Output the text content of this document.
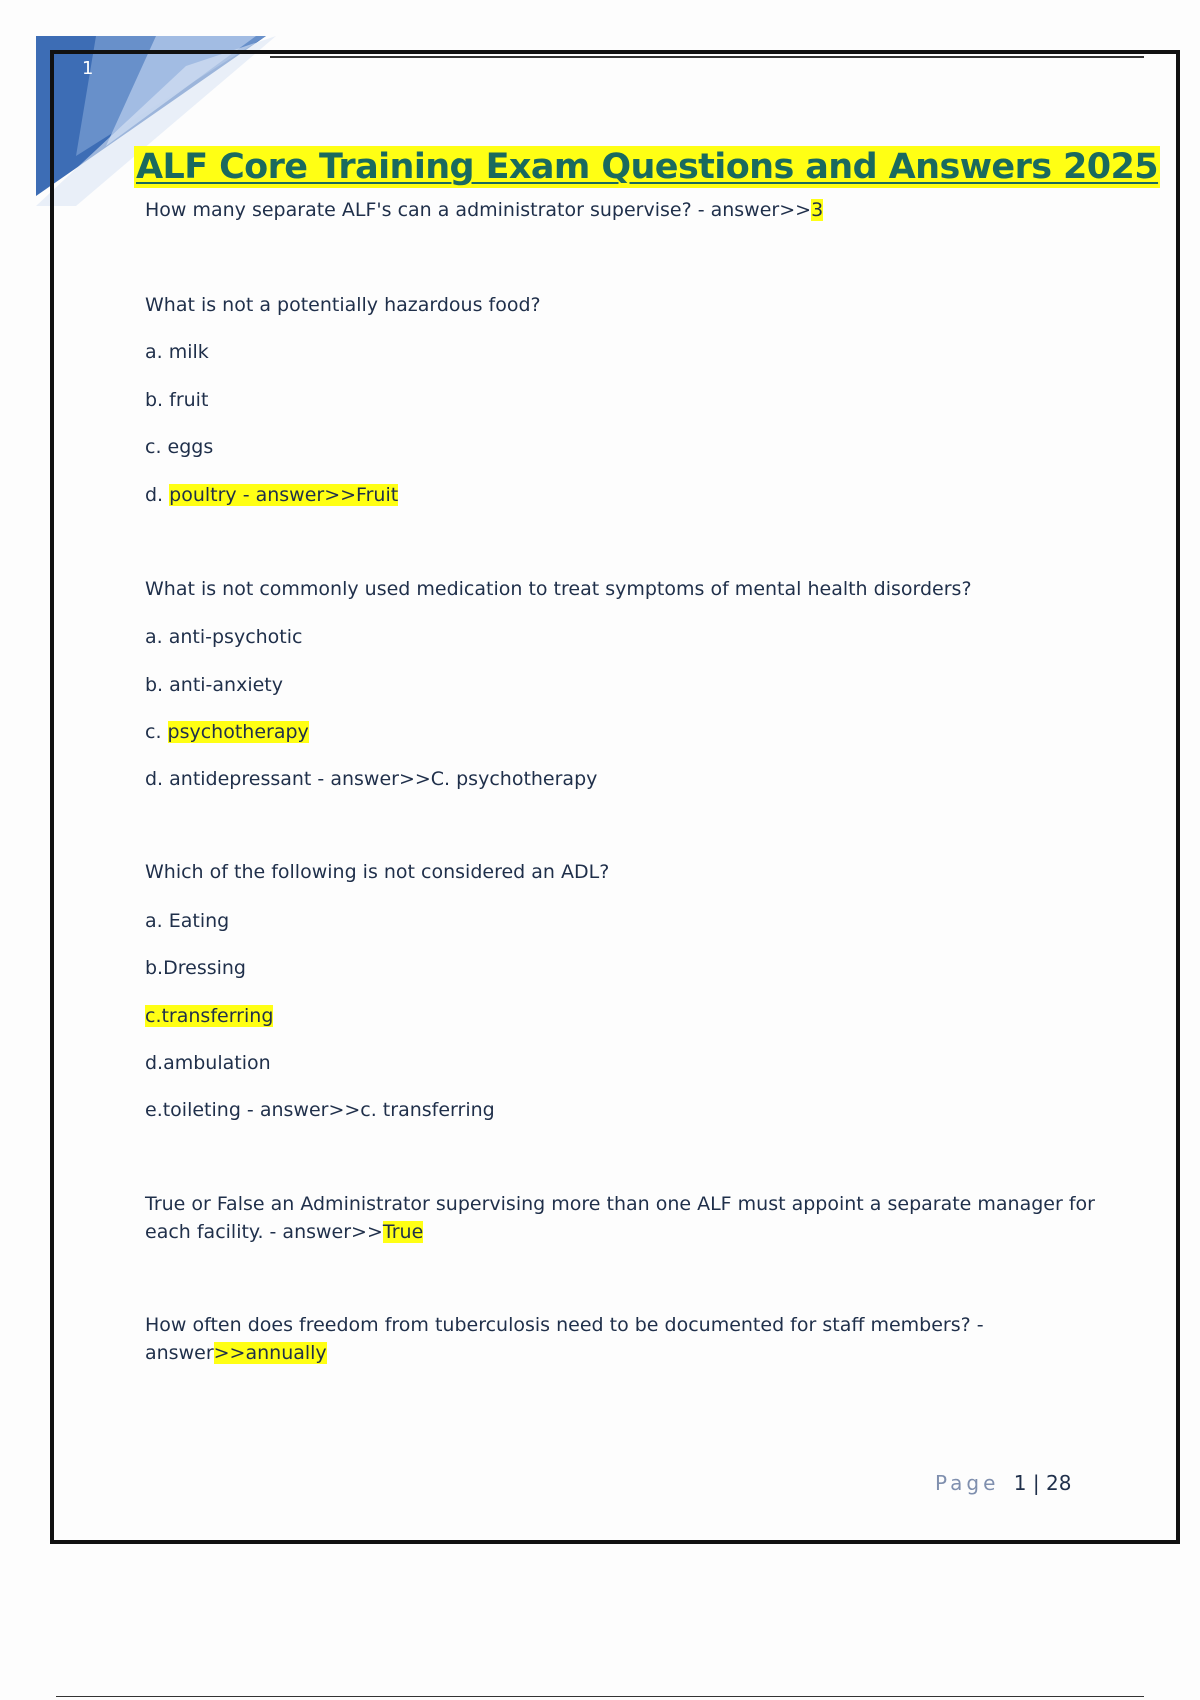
1
ALF Core Training Exam Questions and Answers 2025

How many separate ALF's can a administrator supervise? - answer>>3

What is not a potentially hazardous food?

a. milk

b. fruit

c. eggs

d. poultry - answer>>Fruit

What is not commonly used medication to treat symptoms of mental health disorders?

a. anti-psychotic

b. anti-anxiety

c. psychotherapy

d. antidepressant - answer>>C. psychotherapy

Which of the following is not considered an ADL?

a. Eating

b.Dressing

c.transferring

d.ambulation

e.toileting - answer>>c. transferring

True or False an Administrator supervising more than one ALF must appoint a separate manager for

each facility. - answer>>True

How often does freedom from tuberculosis need to be documented for staff members? -

answer>>annually

Page 1 | 28
